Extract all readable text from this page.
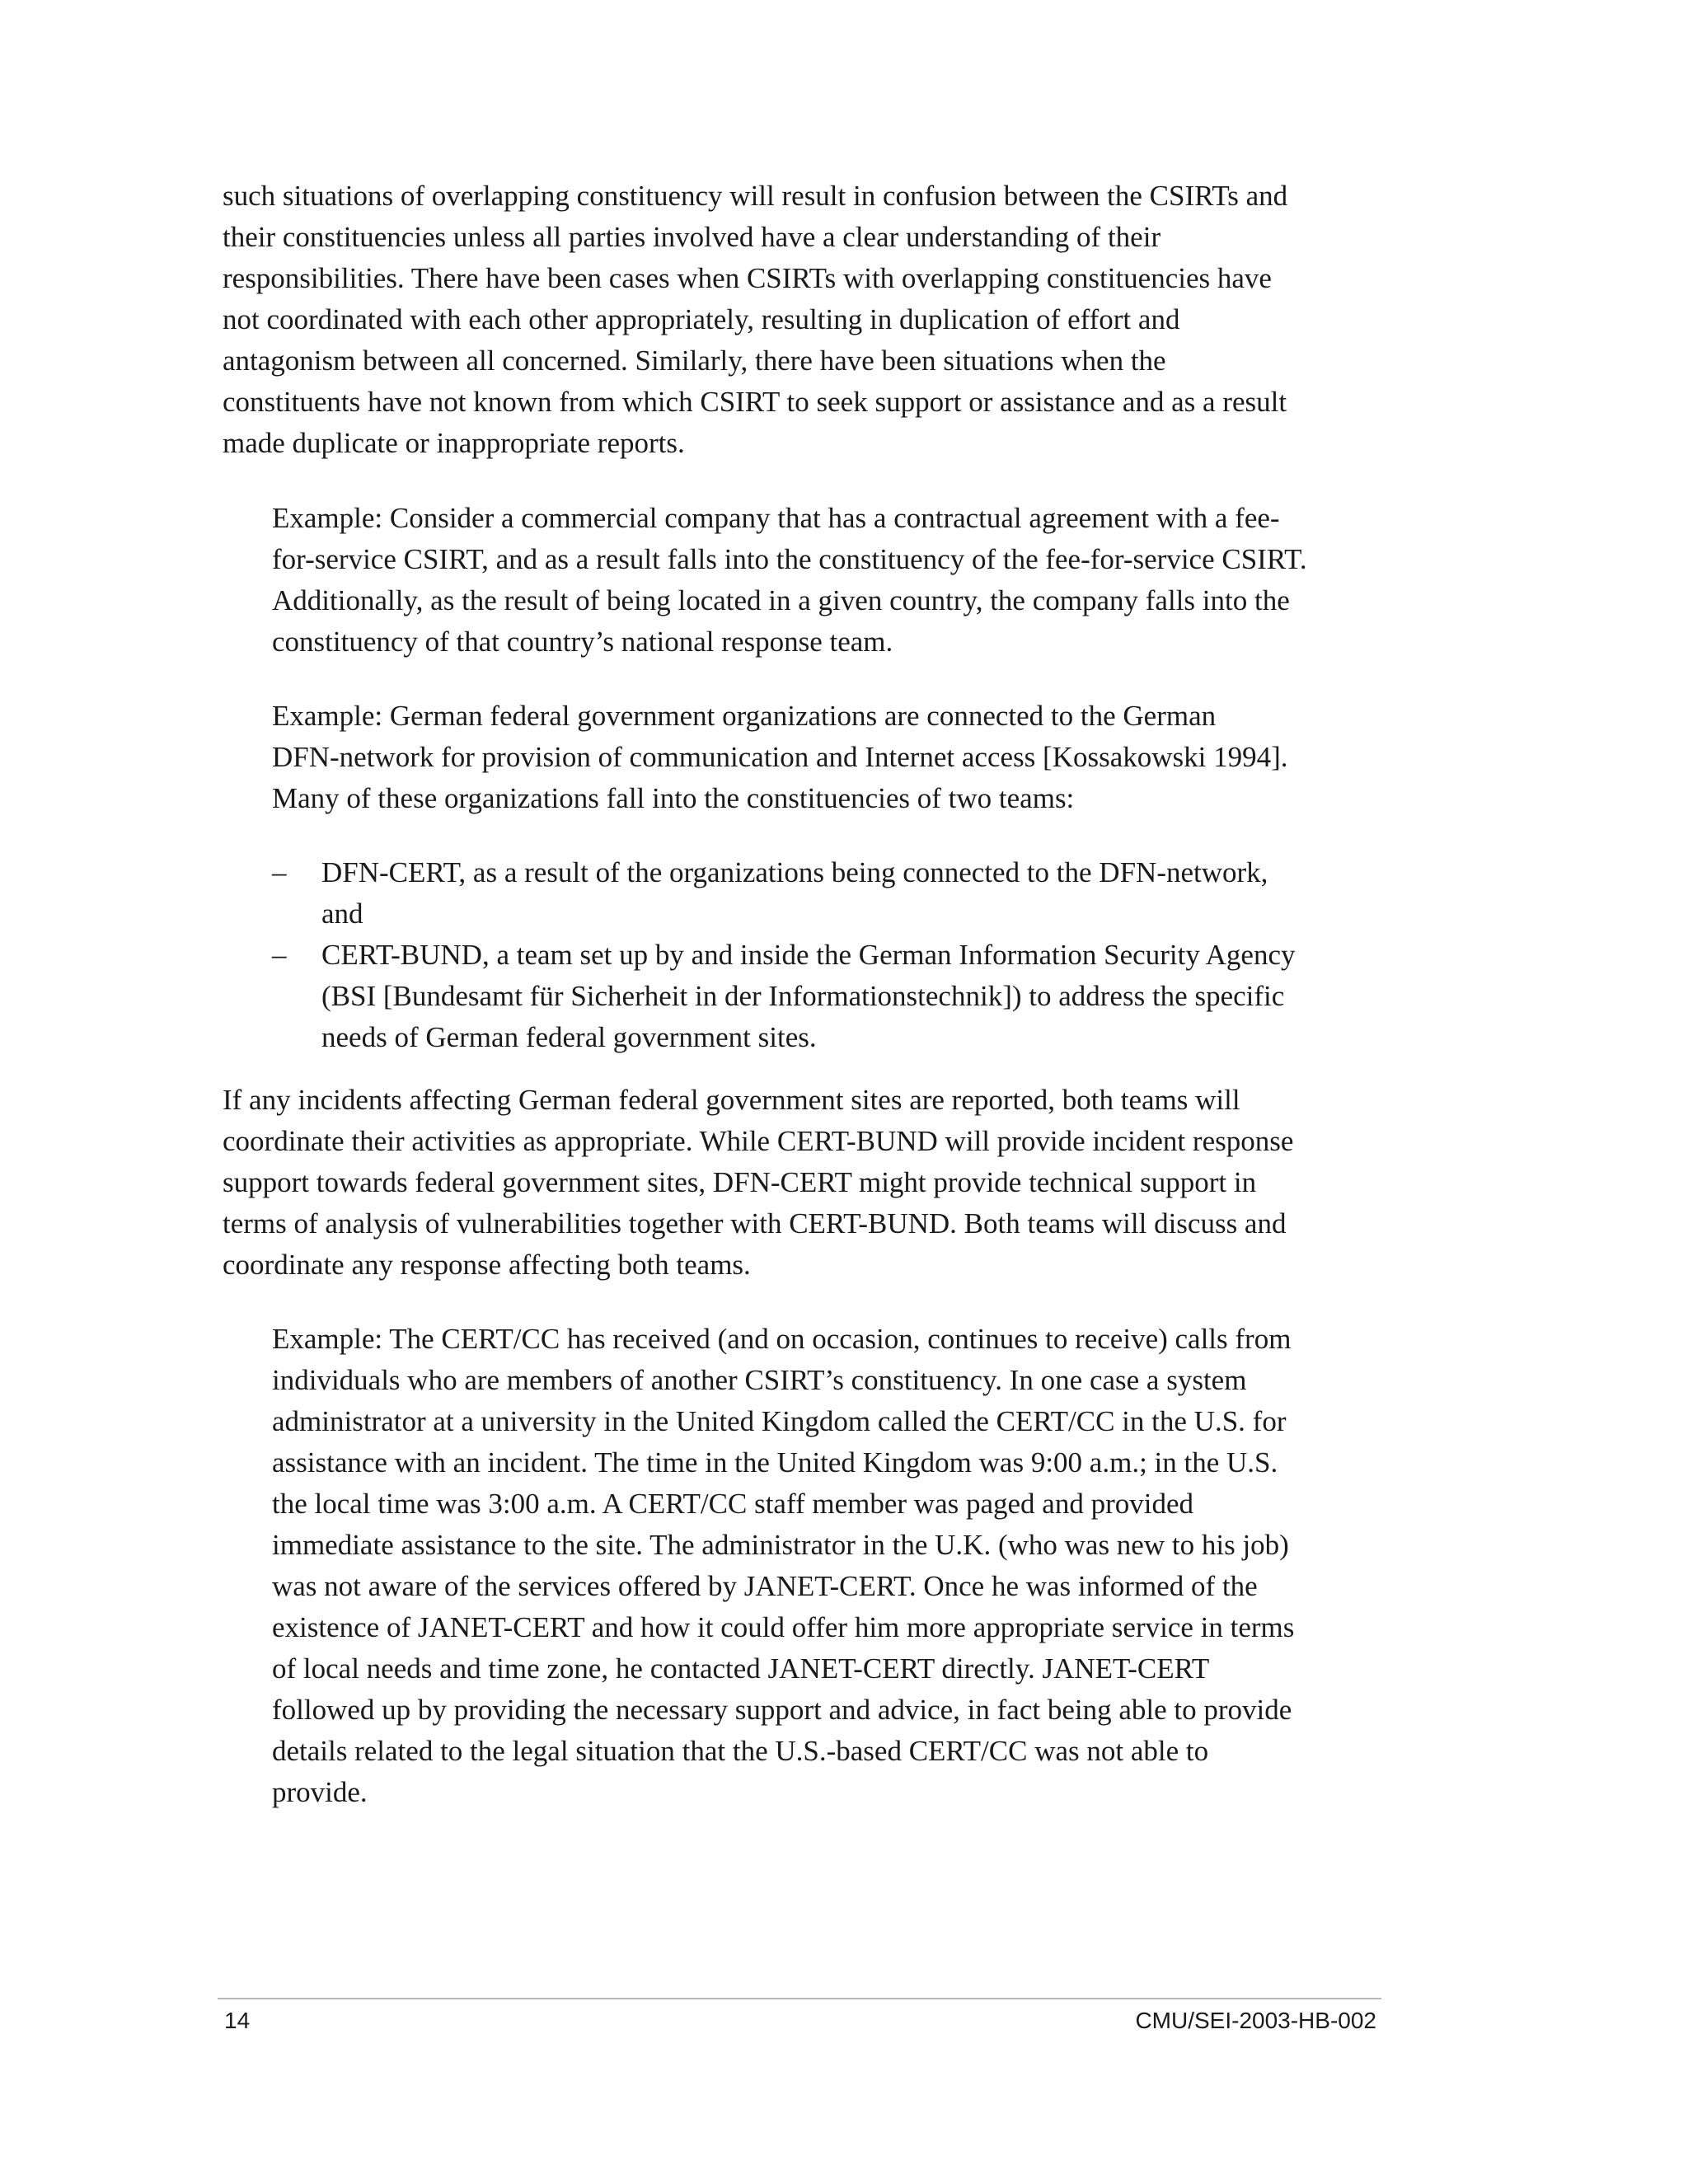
such situations of overlapping constituency will result in confusion between the CSIRTs and
their constituencies unless all parties involved have a clear understanding of their
responsibilities. There have been cases when CSIRTs with overlapping constituencies have
not coordinated with each other appropriately, resulting in duplication of effort and
antagonism between all concerned. Similarly, there have been situations when the
constituents have not known from which CSIRT to seek support or assistance and as a result
made duplicate or inappropriate reports.
Example: Consider a commercial company that has a contractual agreement with a fee-
for-service CSIRT, and as a result falls into the constituency of the fee-for-service CSIRT.
Additionally, as the result of being located in a given country, the company falls into the
constituency of that country’s national response team.
Example: German federal government organizations are connected to the German
DFN-network for provision of communication and Internet access [Kossakowski 1994].
Many of these organizations fall into the constituencies of two teams:
– DFN-CERT, as a result of the organizations being connected to the DFN-network,
and
– CERT-BUND, a team set up by and inside the German Information Security Agency
(BSI [Bundesamt für Sicherheit in der Informationstechnik]) to address the specific
needs of German federal government sites.
If any incidents affecting German federal government sites are reported, both teams will
coordinate their activities as appropriate. While CERT-BUND will provide incident response
support towards federal government sites, DFN-CERT might provide technical support in
terms of analysis of vulnerabilities together with CERT-BUND. Both teams will discuss and
coordinate any response affecting both teams.
Example: The CERT/CC has received (and on occasion, continues to receive) calls from
individuals who are members of another CSIRT’s constituency. In one case a system
administrator at a university in the United Kingdom called the CERT/CC in the U.S. for
assistance with an incident. The time in the United Kingdom was 9:00 a.m.; in the U.S.
the local time was 3:00 a.m. A CERT/CC staff member was paged and provided
immediate assistance to the site. The administrator in the U.K. (who was new to his job)
was not aware of the services offered by JANET-CERT. Once he was informed of the
existence of JANET-CERT and how it could offer him more appropriate service in terms
of local needs and time zone, he contacted JANET-CERT directly. JANET-CERT
followed up by providing the necessary support and advice, in fact being able to provide
details related to the legal situation that the U.S.-based CERT/CC was not able to
provide.
14	CMU/SEI-2003-HB-002
